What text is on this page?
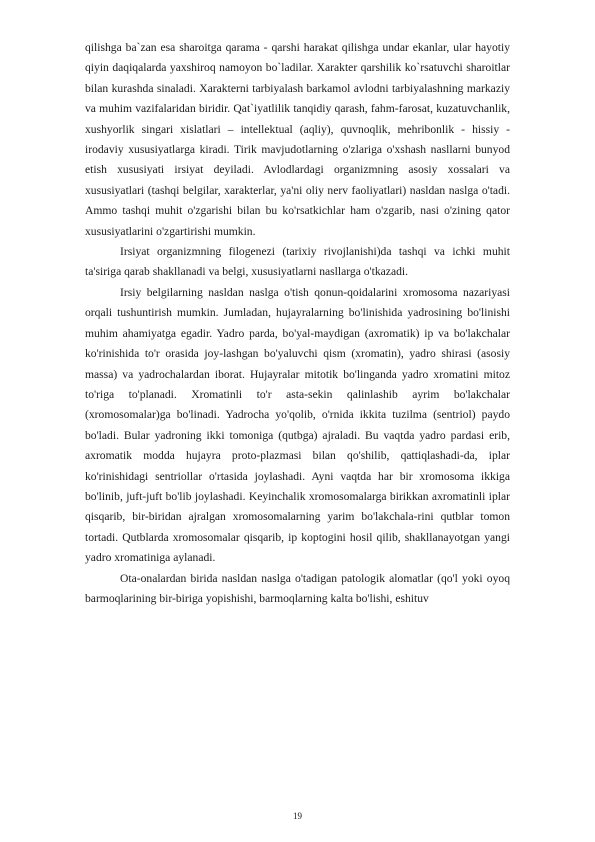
qilishga ba`zan esa sharoitga qarama - qarshi harakat qilishga undar ekanlar, ular hayotiy qiyin daqiqalarda yaxshiroq namoyon bo`ladilar. Xarakter qarshilik ko`rsatuvchi sharoitlar bilan kurashda sinaladi. Xarakterni tarbiyalash barkamol avlodni tarbiyalashning markaziy va muhim vazifalaridan biridir. Qat`iyatlilik tanqidiy qarash, fahm-farosat, kuzatuvchanlik, xushyorlik singari xislatlari – intellektual (aqliy), quvnoqlik, mehribonlik - hissiy - irodaviy xususiyatlarga kiradi. Tirik mavjudotlarning o'zlariga o'xshash nasllarni bunyod etish xususiyati irsiyat deyiladi. Avlodlardagi organizmning asosiy xossalari va xususiyatlari (tashqi belgilar, xarakterlar, ya'ni oliy nerv faoliyatlari) nasldan naslga o'tadi. Ammo tashqi muhit o'zgarishi bilan bu ko'rsatkichlar ham o'zgarib, nasi o'zining qator xususiyatlarini o'zgartirishi mumkin.

Irsiyat organizmning filogenezi (tarixiy rivojlanishi)da tashqi va ichki muhit ta'siriga qarab shakllanadi va belgi, xususiyatlarni nasllarga o'tkazadi.

Irsiy belgilarning nasldan naslga o'tish qonun-qoidalarini xromosoma nazariyasi orqali tushuntirish mumkin. Jumladan, hujayralarning bo'linishida yadrosining bo'linishi muhim ahamiyatga egadir. Yadro parda, bo'yal-maydigan (axromatik) ip va bo'lakchalar ko'rinishida to'r orasida joy-lashgan bo'yaluvchi qism (xromatin), yadro shirasi (asosiy massa) va yadrochalardan iborat. Hujayralar mitotik bo'linganda yadro xromatini mitoz to'riga to'planadi. Xromatinli to'r asta-sekin qalinlashib ayrim bo'lakchalar (xromosomalar)ga bo'linadi. Yadrocha yo'qolib, o'rnida ikkita tuzilma (sentriol) paydo bo'ladi. Bular yadroning ikki tomoniga (qutbga) ajraladi. Bu vaqtda yadro pardasi erib, axromatik modda hujayra proto-plazmasi bilan qo'shilib, qattiqlashadi-da, iplar ko'rinishidagi sentriollar o'rtasida joylashadi. Ayni vaqtda har bir xromosoma ikkiga bo'linib, juft-juft bo'lib joylashadi. Keyinchalik xromosomalarga birikkan axromatinli iplar qisqarib, bir-biridan ajralgan xromosomalarning yarim bo'lakchala-rini qutblar tomon tortadi. Qutblarda xromosomalar qisqarib, ip koptogini hosil qilib, shakllanayotgan yangi yadro xromatiniga aylanadi.

Ota-onalardan birida nasldan naslga o'tadigan patologik alomatlar (qo'l yoki oyoq barmoqlarining bir-biriga yopishishi, barmoqlarning kalta bo'lishi, eshituv

19
